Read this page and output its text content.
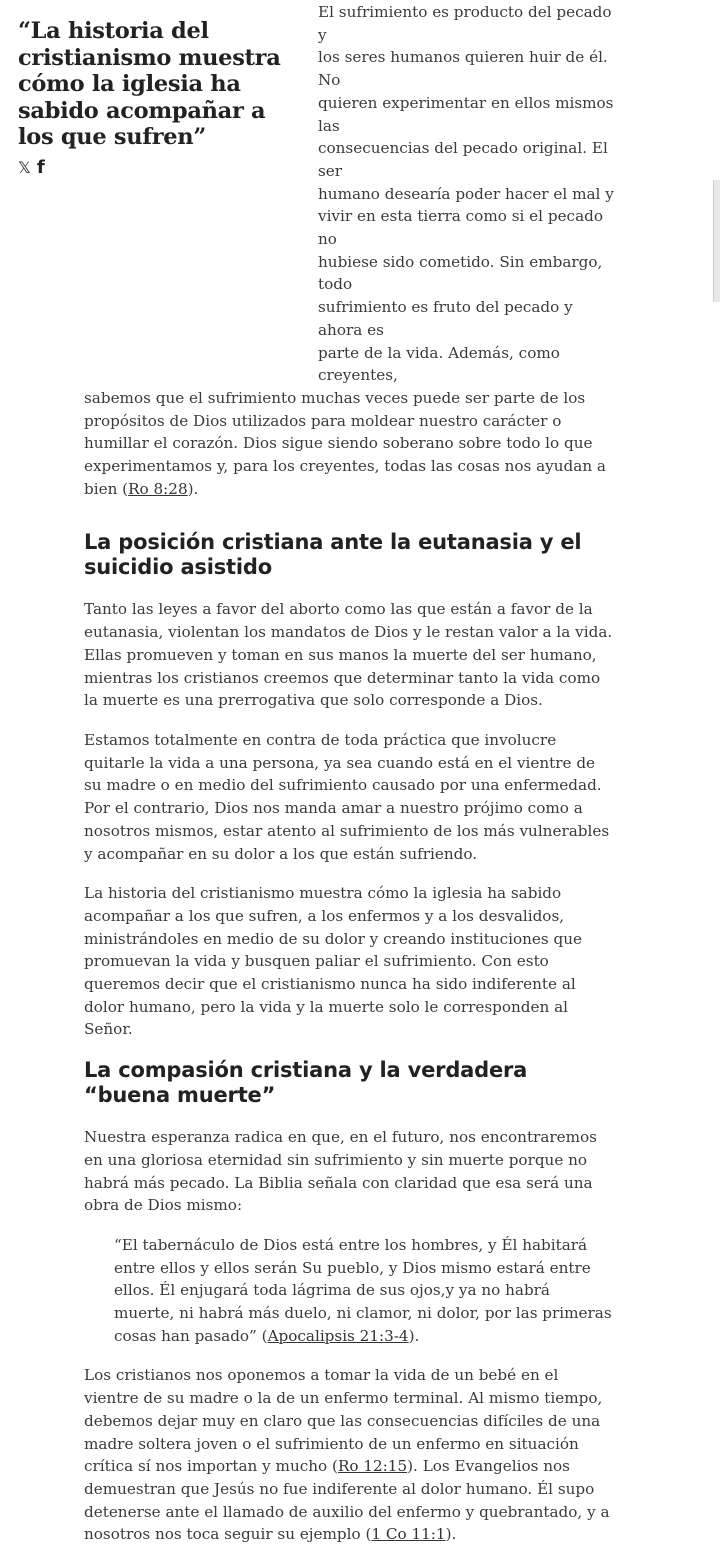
“La historia del cristianismo muestra cómo la iglesia ha sabido acompañar a los que sufren”
𝕏 f

El sufrimiento es producto del pecado y
los seres humanos quieren huir de él. No
quieren experimentar en ellos mismos las
consecuencias del pecado original. El ser
humano desearía poder hacer el mal y
vivir en esta tierra como si el pecado no
hubiese sido cometido. Sin embargo, todo
sufrimiento es fruto del pecado y ahora es
parte de la vida. Además, como creyentes,
sabemos que el sufrimiento muchas veces puede ser parte de los propósitos de Dios utilizados para moldear nuestro carácter o humillar el corazón. Dios sigue siendo soberano sobre todo lo que experimentamos y, para los creyentes, todas las cosas nos ayudan a bien (Ro 8:28).

La posición cristiana ante la eutanasia y el suicidio asistido

Tanto las leyes a favor del aborto como las que están a favor de la eutanasia, violentan los mandatos de Dios y le restan valor a la vida. Ellas promueven y toman en sus manos la muerte del ser humano, mientras los cristianos creemos que determinar tanto la vida como la muerte es una prerrogativa que solo corresponde a Dios.

Estamos totalmente en contra de toda práctica que involucre quitarle la vida a una persona, ya sea cuando está en el vientre de su madre o en medio del sufrimiento causado por una enfermedad. Por el contrario, Dios nos manda amar a nuestro prójimo como a nosotros mismos, estar atento al sufrimiento de los más vulnerables y acompañar en su dolor a los que están sufriendo.

La historia del cristianismo muestra cómo la iglesia ha sabido acompañar a los que sufren, a los enfermos y a los desvalidos, ministrándoles en medio de su dolor y creando instituciones que promuevan la vida y busquen paliar el sufrimiento. Con esto queremos decir que el cristianismo nunca ha sido indiferente al dolor humano, pero la vida y la muerte solo le corresponden al Señor.

La compasión cristiana y la verdadera “buena muerte”

Nuestra esperanza radica en que, en el futuro, nos encontraremos en una gloriosa eternidad sin sufrimiento y sin muerte porque no habrá más pecado. La Biblia señala con claridad que esa será una obra de Dios mismo:

“El tabernáculo de Dios está entre los hombres, y Él habitará entre ellos y ellos serán Su pueblo, y Dios mismo estará entre ellos. Él enjugará toda lágrima de sus ojos,y ya no habrá muerte, ni habrá más duelo, ni clamor, ni dolor, por las primeras cosas han pasado” (Apocalipsis 21:3-4).

Los cristianos nos oponemos a tomar la vida de un bebé en el vientre de su madre o la de un enfermo terminal. Al mismo tiempo, debemos dejar muy en claro que las consecuencias difíciles de una madre soltera joven o el sufrimiento de un enfermo en situación crítica sí nos importan y mucho (Ro 12:15). Los Evangelios nos demuestran que Jesús no fue indiferente al dolor humano. Él supo detenerse ante el llamado de auxilio del enfermo y quebrantado, y a nosotros nos toca seguir su ejemplo (1 Co 11:1).
